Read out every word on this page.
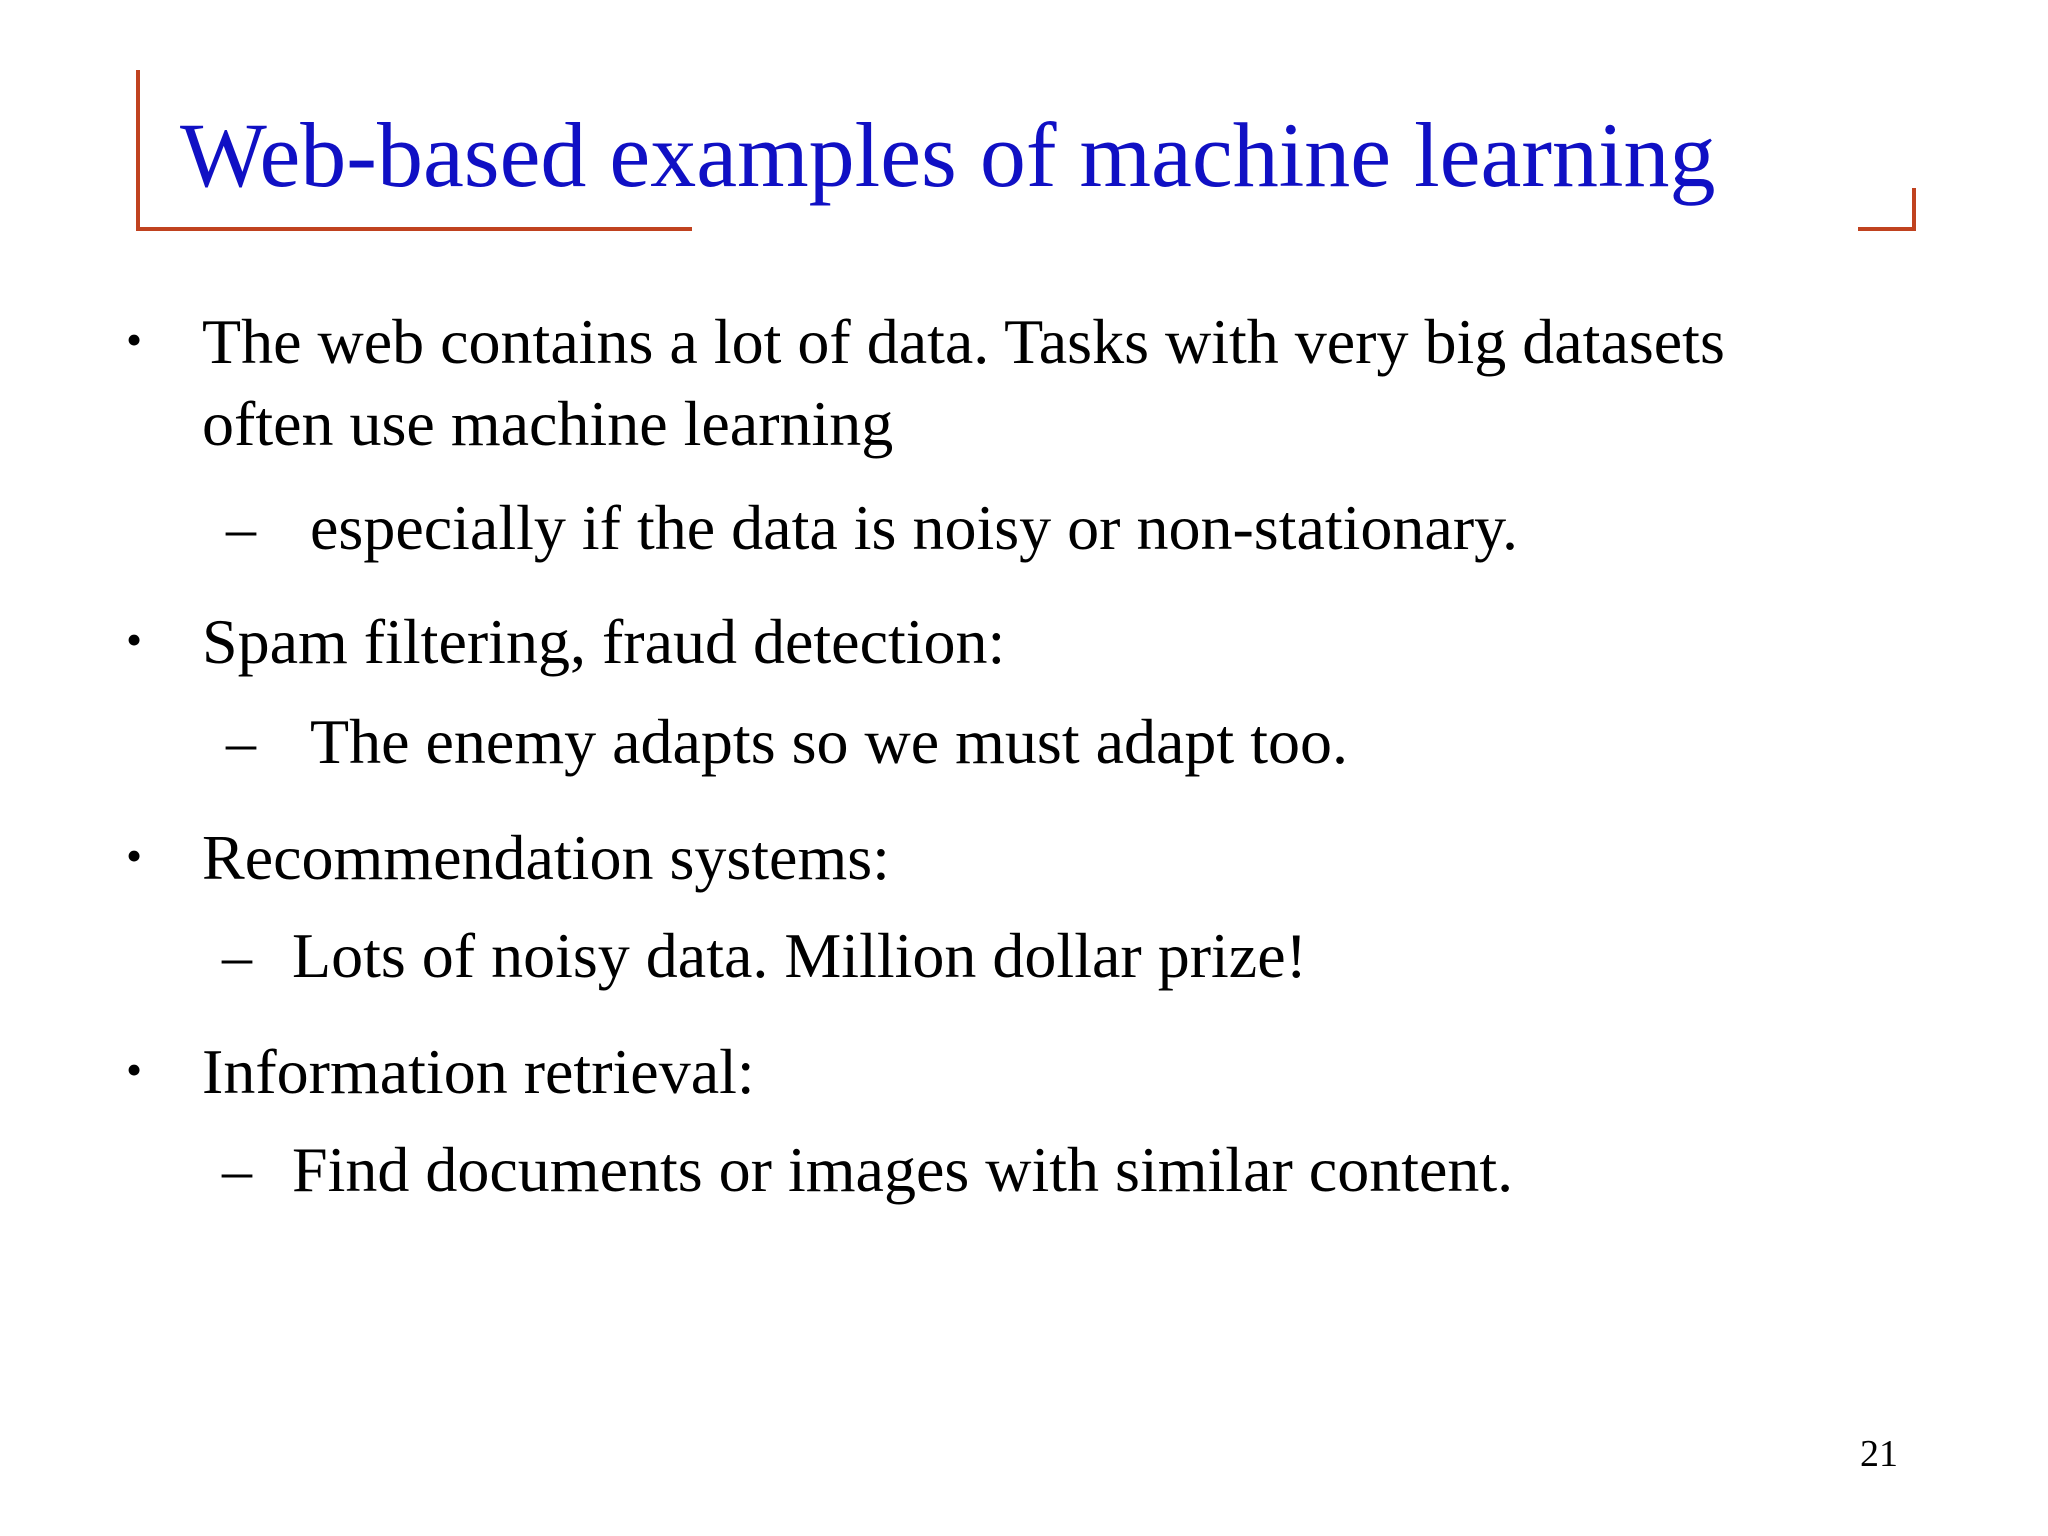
Web-based examples of machine learning
• The web contains a lot of data. Tasks with very big datasets
often use machine learning
– especially if the data is noisy or non-stationary.
• Spam filtering, fraud detection:
– The enemy adapts so we must adapt too.
• Recommendation systems:
– Lots of noisy data. Million dollar prize!
• Information retrieval:
– Find documents or images with similar content.
21
